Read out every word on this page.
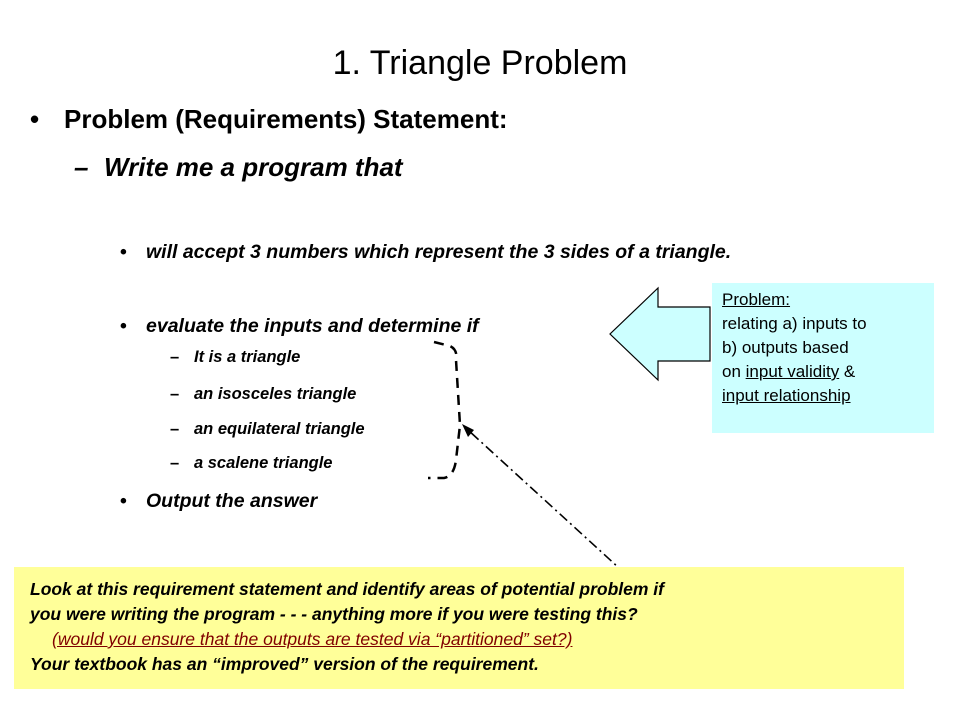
1. Triangle Problem
• Problem (Requirements) Statement:
– Write me a program that
• will accept 3 numbers which represent the 3 sides of a triangle.
• evaluate the inputs and determine if
– It is a triangle
– an isosceles triangle
– an equilateral triangle
– a scalene triangle
• Output the answer
Problem:
relating a) inputs to
b) outputs based
on input validity &
input relationship
Look at this requirement statement and identify areas of potential problem if
you were writing the program - - - anything more if you were testing this?
(would you ensure that the outputs are tested via “partitioned” set?)
Your textbook has an “improved” version of the requirement.
